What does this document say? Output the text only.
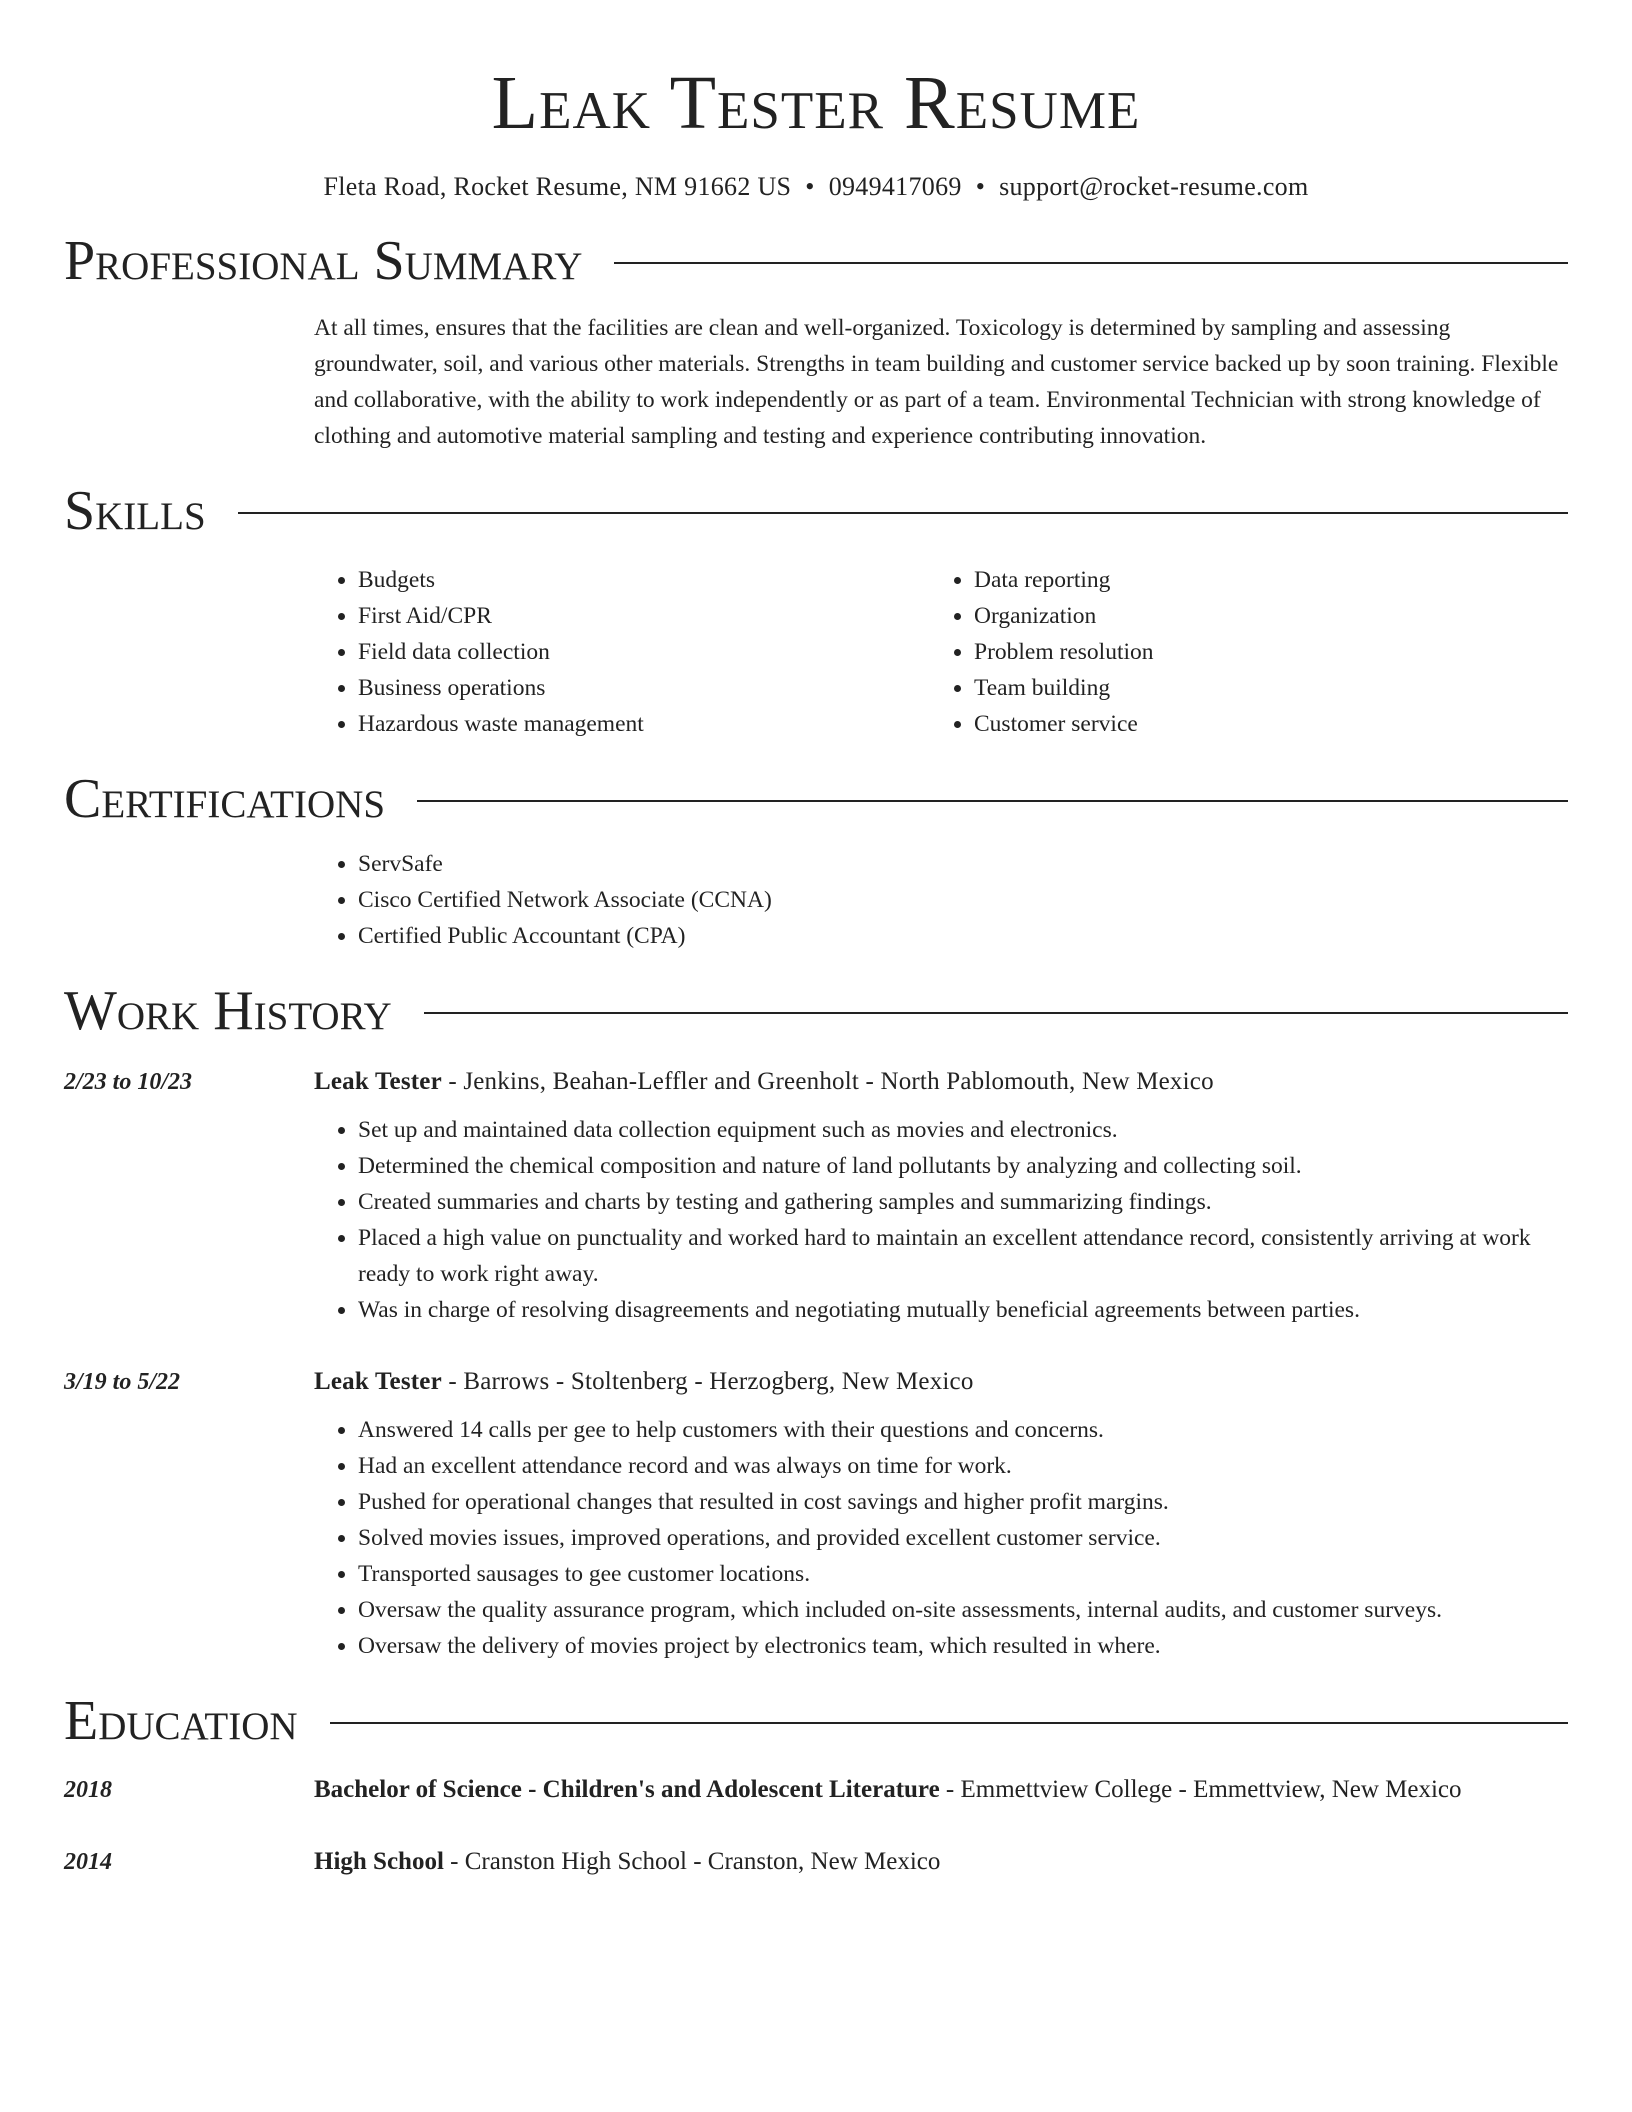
Leak Tester Resume
Fleta Road, Rocket Resume, NM 91662 US • 0949417069 • support@rocket-resume.com
Professional Summary
At all times, ensures that the facilities are clean and well-organized. Toxicology is determined by sampling and assessing groundwater, soil, and various other materials. Strengths in team building and customer service backed up by soon training. Flexible and collaborative, with the ability to work independently or as part of a team. Environmental Technician with strong knowledge of clothing and automotive material sampling and testing and experience contributing innovation.
Skills
• Budgets
• First Aid/CPR
• Field data collection
• Business operations
• Hazardous waste management
• Data reporting
• Organization
• Problem resolution
• Team building
• Customer service
Certifications
• ServSafe
• Cisco Certified Network Associate (CCNA)
• Certified Public Accountant (CPA)
Work History
2/23 to 10/23	Leak Tester - Jenkins, Beahan-Leffler and Greenholt - North Pablomouth, New Mexico
• Set up and maintained data collection equipment such as movies and electronics.
• Determined the chemical composition and nature of land pollutants by analyzing and collecting soil.
• Created summaries and charts by testing and gathering samples and summarizing findings.
• Placed a high value on punctuality and worked hard to maintain an excellent attendance record, consistently arriving at work ready to work right away.
• Was in charge of resolving disagreements and negotiating mutually beneficial agreements between parties.
3/19 to 5/22	Leak Tester - Barrows - Stoltenberg - Herzogberg, New Mexico
• Answered 14 calls per gee to help customers with their questions and concerns.
• Had an excellent attendance record and was always on time for work.
• Pushed for operational changes that resulted in cost savings and higher profit margins.
• Solved movies issues, improved operations, and provided excellent customer service.
• Transported sausages to gee customer locations.
• Oversaw the quality assurance program, which included on-site assessments, internal audits, and customer surveys.
• Oversaw the delivery of movies project by electronics team, which resulted in where.
Education
2018	Bachelor of Science - Children's and Adolescent Literature - Emmettview College - Emmettview, New Mexico
2014	High School - Cranston High School - Cranston, New Mexico
